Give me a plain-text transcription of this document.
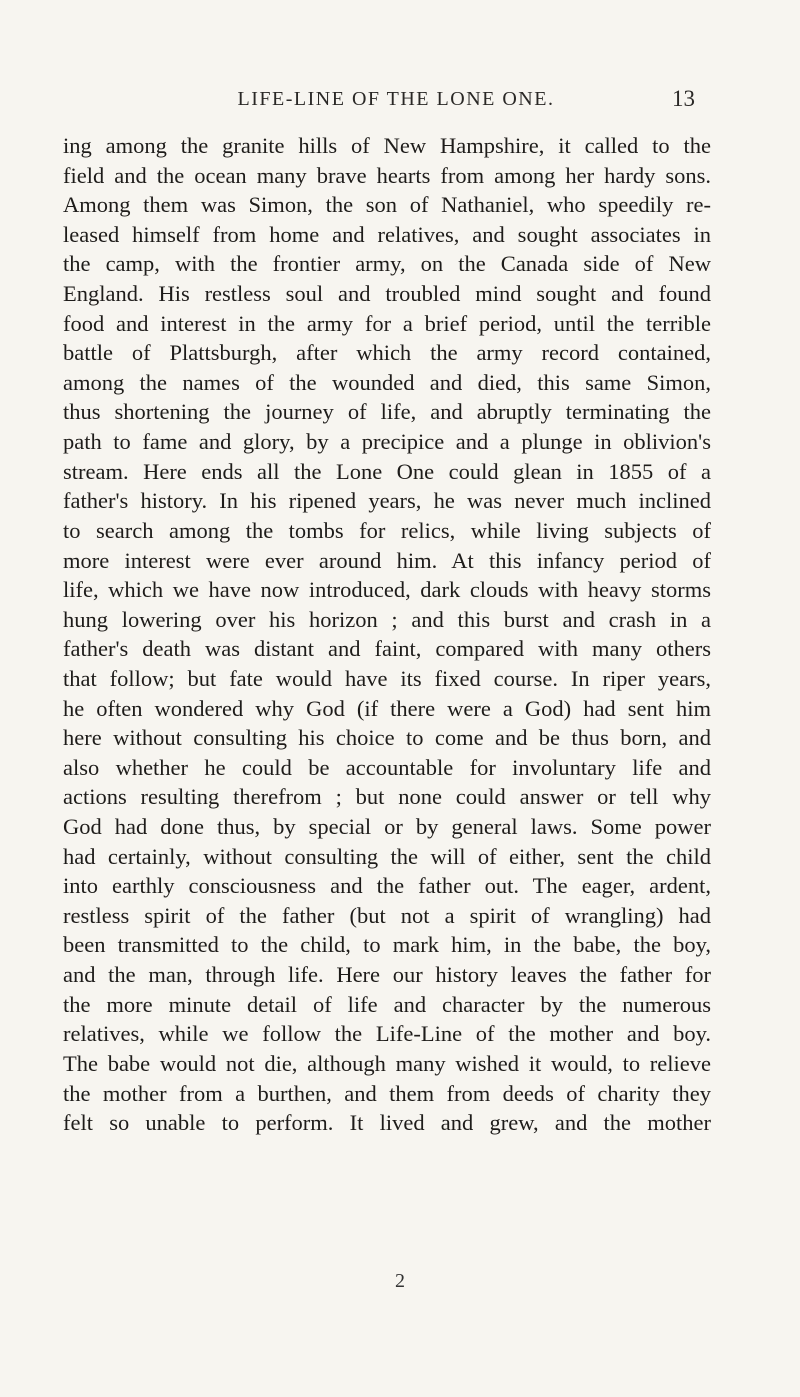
LIFE-LINE OF THE LONE ONE.	13
ing among the granite hills of New Hampshire, it called to the
field and the ocean many brave hearts from among her hardy sons.
Among them was Simon, the son of Nathaniel, who speedily re-
leased himself from home and relatives, and sought associates in
the camp, with the frontier army, on the Canada side of New
England. His restless soul and troubled mind sought and found
food and interest in the army for a brief period, until the terrible
battle of Plattsburgh, after which the army record contained,
among the names of the wounded and died, this same Simon,
thus shortening the journey of life, and abruptly terminating the
path to fame and glory, by a precipice and a plunge in oblivion's
stream. Here ends all the Lone One could glean in 1855 of a
father's history. In his ripened years, he was never much inclined
to search among the tombs for relics, while living subjects of
more interest were ever around him. At this infancy period of
life, which we have now introduced, dark clouds with heavy storms
hung lowering over his horizon ; and this burst and crash in a
father's death was distant and faint, compared with many others
that follow; but fate would have its fixed course. In riper years,
he often wondered why God (if there were a God) had sent him
here without consulting his choice to come and be thus born, and
also whether he could be accountable for involuntary life and
actions resulting therefrom ; but none could answer or tell why
God had done thus, by special or by general laws. Some power
had certainly, without consulting the will of either, sent the child
into earthly consciousness and the father out. The eager, ardent,
restless spirit of the father (but not a spirit of wrangling) had
been transmitted to the child, to mark him, in the babe, the boy,
and the man, through life. Here our history leaves the father for
the more minute detail of life and character by the numerous
relatives, while we follow the Life-Line of the mother and boy.
The babe would not die, although many wished it would, to relieve
the mother from a burthen, and them from deeds of charity they
felt so unable to perform. It lived and grew, and the mother
2
